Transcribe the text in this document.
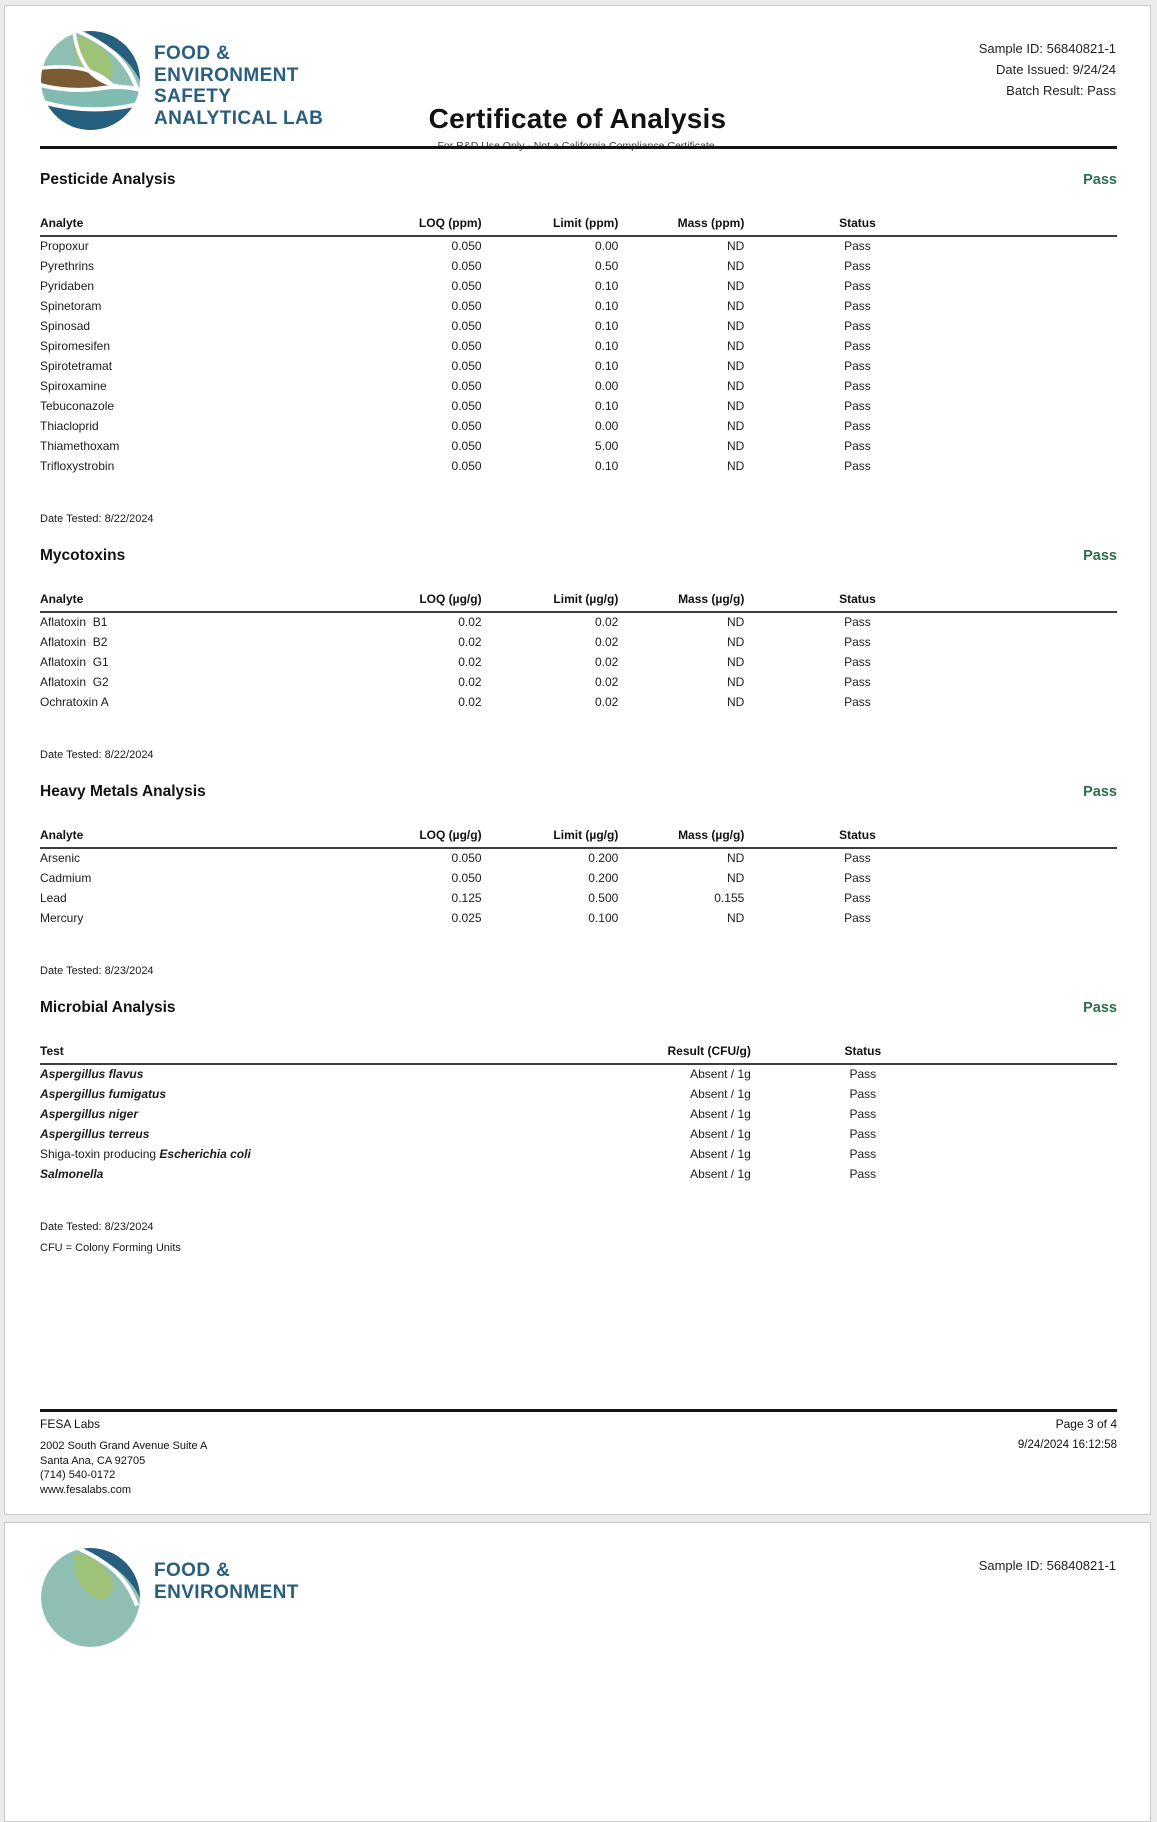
FOOD &
ENVIRONMENT
SAFETY
ANALYTICAL LAB
Sample ID: 56840821-1
Date Issued: 9/24/24
Batch Result: Pass
Certificate of Analysis
Pesticide Analysis	Pass
Analyte	LOQ (ppm)	Limit (ppm)	Mass (ppm)	Status	
Propoxur	0.050	0.00	ND	Pass	
Pyrethrins	0.050	0.50	ND	Pass	
Pyridaben	0.050	0.10	ND	Pass	
Spinetoram	0.050	0.10	ND	Pass	
Spinosad	0.050	0.10	ND	Pass	
Spiromesifen	0.050	0.10	ND	Pass	
Spirotetramat	0.050	0.10	ND	Pass	
Spiroxamine	0.050	0.00	ND	Pass	
Tebuconazole	0.050	0.10	ND	Pass	
Thiacloprid	0.050	0.00	ND	Pass	
Thiamethoxam	0.050	5.00	ND	Pass	
Trifloxystrobin	0.050	0.10	ND	Pass	
Date Tested: 8/22/2024
Mycotoxins	Pass
Analyte	LOQ (µg/g)	Limit (µg/g)	Mass (µg/g)	Status	
Aflatoxin  B1	0.02	0.02	ND	Pass	
Aflatoxin  B2	0.02	0.02	ND	Pass	
Aflatoxin  G1	0.02	0.02	ND	Pass	
Aflatoxin  G2	0.02	0.02	ND	Pass	
Ochratoxin A	0.02	0.02	ND	Pass	
Date Tested: 8/22/2024
Heavy Metals Analysis	Pass
Analyte	LOQ (µg/g)	Limit (µg/g)	Mass (µg/g)	Status	
Arsenic	0.050	0.200	ND	Pass	
Cadmium	0.050	0.200	ND	Pass	
Lead	0.125	0.500	0.155	Pass	
Mercury	0.025	0.100	ND	Pass	
Date Tested: 8/23/2024
Microbial Analysis	Pass
Test	Result (CFU/g)	Status	
Aspergillus flavus	Absent / 1g	Pass	
Aspergillus fumigatus	Absent / 1g	Pass	
Aspergillus niger	Absent / 1g	Pass	
Aspergillus terreus	Absent / 1g	Pass	
Shiga-toxin producing Escherichia coli	Absent / 1g	Pass	
Salmonella	Absent / 1g	Pass	
Date Tested: 8/23/2024
CFU = Colony Forming Units
FESA Labs
2002 South Grand Avenue Suite A
Santa Ana, CA 92705
(714) 540-0172
www.fesalabs.com
Page 3 of 4
9/24/2024 16:12:58
FOOD &
ENVIRONMENT
Sample ID: 56840821-1
